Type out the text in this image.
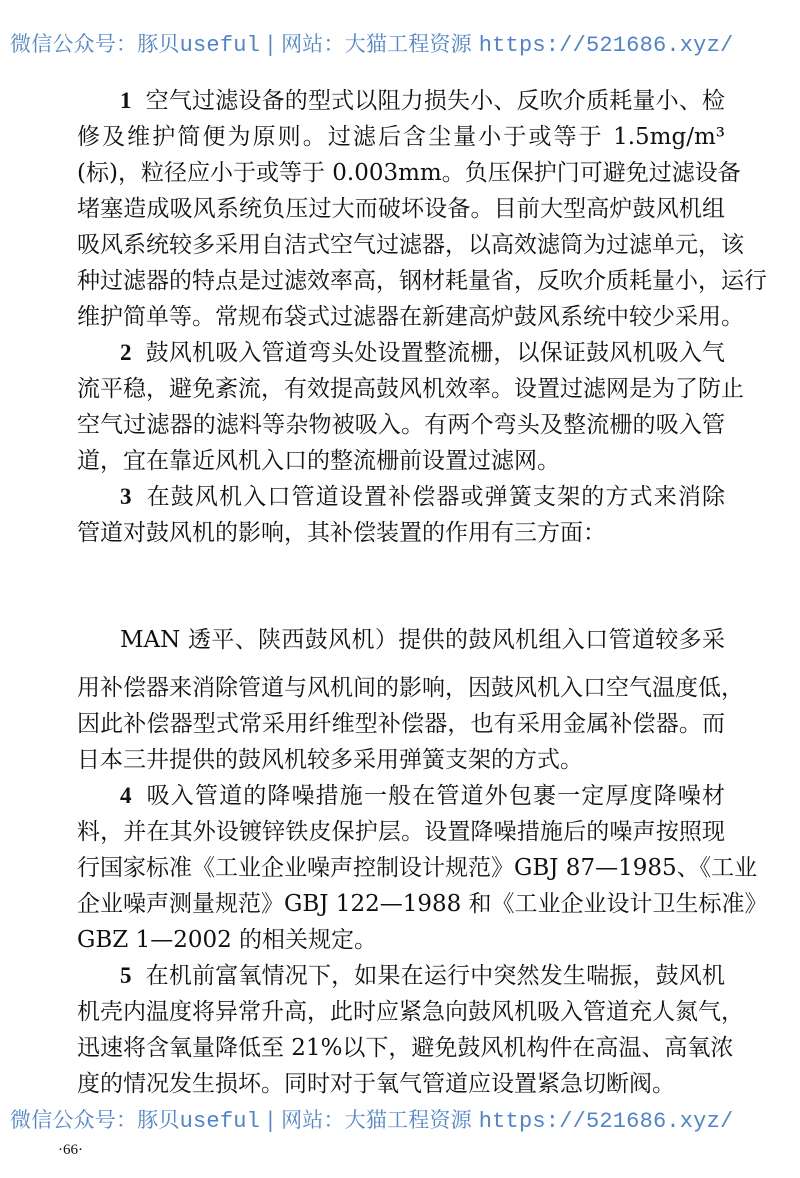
微信公众号：豚贝useful | 网站：大猫工程资源 https://521686.xyz/
1 空气过滤设备的型式以阻力损失小、反吹介质耗量小、检
修及维护简便为原则。过滤后含尘量小于或等于 1.5mg/m³
(标)，粒径应小于或等于 0.003mm。负压保护门可避免过滤设备
堵塞造成吸风系统负压过大而破坏设备。目前大型高炉鼓风机组
吸风系统较多采用自洁式空气过滤器，以高效滤筒为过滤单元，该
种过滤器的特点是过滤效率高，钢材耗量省，反吹介质耗量小，运行
维护简单等。常规布袋式过滤器在新建高炉鼓风系统中较少采用。
2 鼓风机吸入管道弯头处设置整流栅，以保证鼓风机吸入气
流平稳，避免紊流，有效提高鼓风机效率。设置过滤网是为了防止
空气过滤器的滤料等杂物被吸入。有两个弯头及整流栅的吸入管
道，宜在靠近风机入口的整流栅前设置过滤网。
3 在鼓风机入口管道设置补偿器或弹簧支架的方式来消除
管道对鼓风机的影响，其补偿装置的作用有三方面：
MAN 透平、陕西鼓风机）提供的鼓风机组入口管道较多采
用补偿器来消除管道与风机间的影响，因鼓风机入口空气温度低，
因此补偿器型式常采用纤维型补偿器，也有采用金属补偿器。而
日本三井提供的鼓风机较多采用弹簧支架的方式。
4 吸入管道的降噪措施一般在管道外包裹一定厚度降噪材
料，并在其外设镀锌铁皮保护层。设置降噪措施后的噪声按照现
行国家标准《工业企业噪声控制设计规范》GBJ 87—1985、《工业
企业噪声测量规范》GBJ 122—1988 和《工业企业设计卫生标准》
GBZ 1—2002 的相关规定。
5 在机前富氧情况下，如果在运行中突然发生喘振，鼓风机
机壳内温度将异常升高，此时应紧急向鼓风机吸入管道充人氮气，
迅速将含氧量降低至 21%以下，避免鼓风机构件在高温、高氧浓
度的情况发生损坏。同时对于氧气管道应设置紧急切断阀。
微信公众号：豚贝useful | 网站：大猫工程资源 https://521686.xyz/
·66·
